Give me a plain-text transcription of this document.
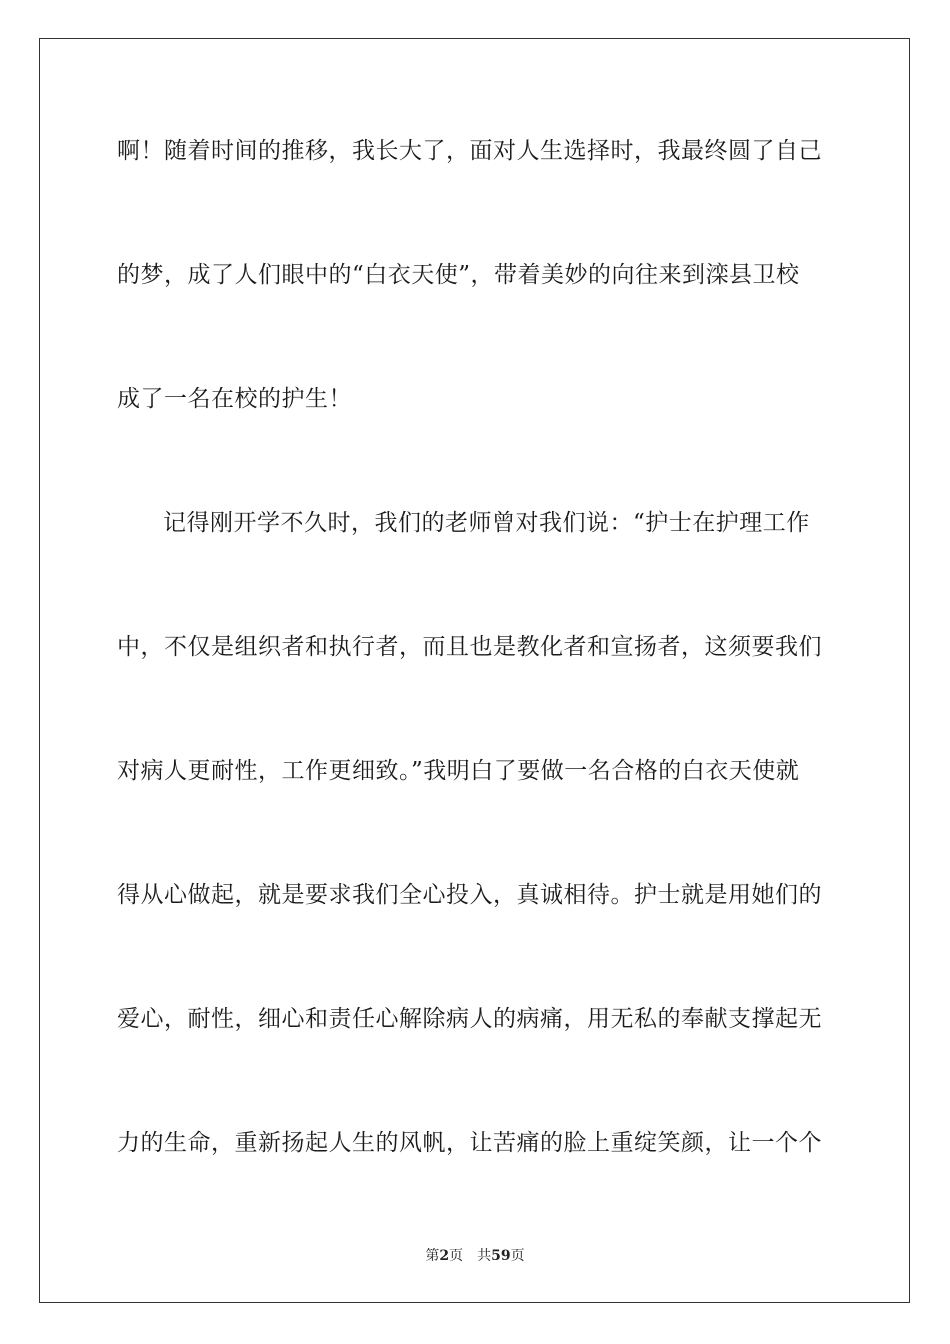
啊！随着时间的推移，我长大了，面对人生选择时，我最终圆了自己
的梦，成了人们眼中的“白衣天使”，带着美妙的向往来到滦县卫校
成了一名在校的护生！
记得刚开学不久时，我们的老师曾对我们说：“护士在护理工作
中，不仅是组织者和执行者，而且也是教化者和宣扬者，这须要我们
对病人更耐性，工作更细致。”我明白了要做一名合格的白衣天使就
得从心做起，就是要求我们全心投入，真诚相待。护士就是用她们的
爱心，耐性，细心和责任心解除病人的病痛，用无私的奉献支撑起无
力的生命，重新扬起人生的风帆，让苦痛的脸上重绽笑颜，让一个个
第2页 共59页
